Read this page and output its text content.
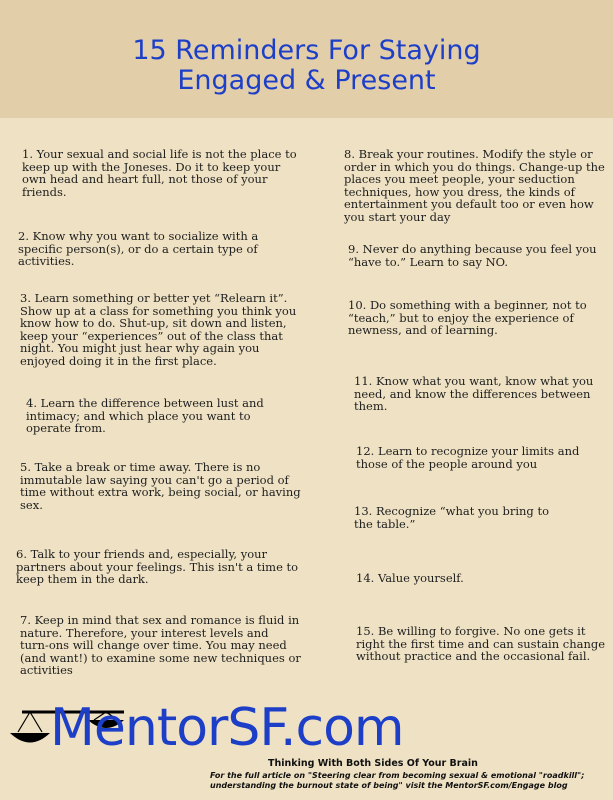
15 Reminders For Staying
Engaged & Present
1. Your sexual and social life is not the place to
keep up with the Joneses. Do it to keep your
own head and heart full, not those of your
friends.
2. Know why you want to socialize with a
specific person(s), or do a certain type of
activities.
3. Learn something or better yet “Relearn it”.
Show up at a class for something you think you
know how to do. Shut-up, sit down and listen,
keep your “experiences” out of the class that
night. You might just hear why again you
enjoyed doing it in the first place.
4. Learn the difference between lust and
intimacy; and which place you want to
operate from.
5. Take a break or time away. There is no
immutable law saying you can't go a period of
time without extra work, being social, or having
sex.
6. Talk to your friends and, especially, your
partners about your feelings. This isn't a time to
keep them in the dark.
7. Keep in mind that sex and romance is fluid in
nature. Therefore, your interest levels and
turn-ons will change over time. You may need
(and want!) to examine some new techniques or
activities
8. Break your routines. Modify the style or
order in which you do things. Change-up the
places you meet people, your seduction
techniques, how you dress, the kinds of
entertainment you default too or even how
you start your day
9. Never do anything because you feel you
“have to.” Learn to say NO.
10. Do something with a beginner, not to
“teach,” but to enjoy the experience of
newness, and of learning.
11. Know what you want, know what you
need, and know the differences between
them.
12. Learn to recognize your limits and
those of the people around you
13. Recognize “what you bring to
the table.”
14. Value yourself.
15. Be willing to forgive. No one gets it
right the first time and can sustain change
without practice and the occasional fail.
MentorSF.com
Thinking With Both Sides Of Your Brain
For the full article on "Steering clear from becoming sexual & emotional "roadkill"; understanding the burnout state of being" visit the MentorSF.com/Engage blog
